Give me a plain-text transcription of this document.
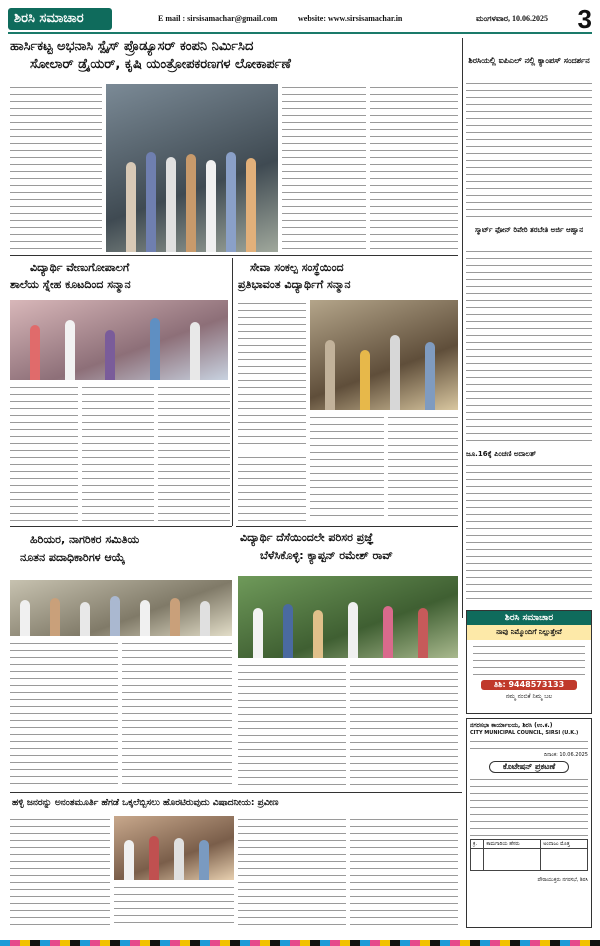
ಶಿರಸಿ ಸಮಾಚಾರ	E mail : sirsisamachar@gmail.com	website: www.sirsisamachar.in	ಮಂಗಳವಾರ, 10.06.2025 3
ಹಾರ್ಸಿಕಟ್ಟ ಅಭನಾಸಿ ಸ್ಪೈಸ್ ಪ್ರೊಡ್ಯೂಸರ್ ಕಂಪನಿ ನಿರ್ಮಿಸಿದ
ಸೋಲಾರ್ ಡ್ರೈಯರ್, ಕೃಷಿ ಯಂತ್ರೋಪಕರಣಗಳ ಲೋಕಾರ್ಪಣೆ	ಶಿರಸಿಯಲ್ಲಿ ಐಪಿಎಲ್ ನಲ್ಲಿ ಕ್ಯಾಂಪಸ್ ಸಂದರ್ಶನ
ಸ್ಮಾರ್ಟ್ ಫೋನ್ ರಿಪೇರಿ ತರಬೇತಿ ಅರ್ಜಿ ಆಹ್ವಾನ
ಜೂ.16ಕ್ಕೆ ಪಿಂಚಣಿ ಅದಾಲತ್
ವಿದ್ಯಾರ್ಥಿ ವೇಣುಗೋಪಾಲಗೆ
ಶಾಲೆಯ ಸ್ನೇಹ ಕೂಟದಿಂದ ಸನ್ಮಾನ
ಸೇವಾ ಸಂಕಲ್ಪ ಸಂಸ್ಥೆಯಿಂದ
ಪ್ರತಿಭಾವಂತ ವಿದ್ಯಾರ್ಥಿಗೆ ಸನ್ಮಾನ
ಹಿರಿಯರ, ನಾಗರಿಕರ ಸಮಿತಿಯ
ನೂತನ ಪದಾಧಿಕಾರಿಗಳ ಆಯ್ಕೆ
ವಿದ್ಯಾರ್ಥಿ ದೆಸೆಯಿಂದಲೇ ಪರಿಸರ ಪ್ರಜ್ಞೆ
ಬೆಳೆಸಿಕೊಳ್ಳಿ: ಕ್ಯಾಪ್ಟನ್ ರಮೇಶ್ ರಾವ್
ಶಿರಸಿ ಸಮಾಚಾರ
ನಾವು ನಿಮ್ಮೊಂದಿಗೆ ನಿಲ್ಲುತ್ತೇವೆ
ತಿಶಿ: 9448573133
ನಮ್ಮ ನಂಬಿಕೆ ನಿಮ್ಮ ಬಲ
ನಗರಸಭಾ ಕಾರ್ಯಾಲಯ, ಶಿರಸಿ (ಉ.ಕ.)
CITY MUNICIPAL COUNCIL, SIRSI (U.K.)
ದಿನಾಂಕ: 10.06.2025
ಕೊಟೇಷನ್ ಪ್ರಕಟಣೆ
ಕ್ರ.	ಕಾಮಗಾರಿಯ ಹೆಸರು	ಅಂದಾಜು ಮೊತ್ತ

ಪೌರಾಯುಕ್ತರು ನಗರಸಭೆ, ಶಿರಸಿ
ಹಳ್ಳಿ ಜನರನ್ನು ಅನಂತಮೂರ್ತಿ ಹೆಗಡೆ ಒಕ್ಕಲೆಬ್ಬಿಸಲು ಹೊರಟಿರುವುದು ವಿಷಾದನೀಯ: ಪ್ರವೀಣ
